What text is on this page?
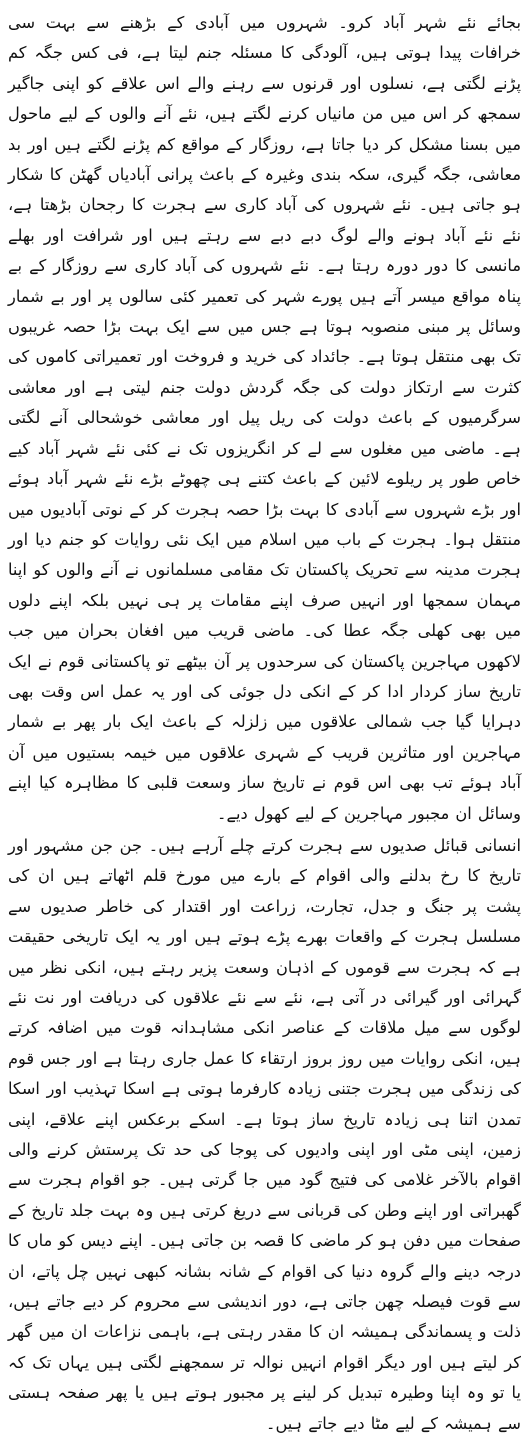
بجائے نئے شہر آباد کرو۔ شہروں میں آبادی کے بڑھنے سے بہت سی خرافات پیدا ہوتی ہیں، آلودگی کا مسئلہ جنم لیتا ہے، فی کس جگہ کم پڑنے لگتی ہے، نسلوں اور قرنوں سے رہنے والے اس علاقے کو اپنی جاگیر سمجھ کر اس میں من مانیاں کرنے لگتے ہیں، نئے آنے والوں کے لیے ماحول میں بسنا مشکل کر دیا جاتا ہے، روزگار کے مواقع کم پڑنے لگتے ہیں اور بد معاشی، جگہ گیری، سکہ بندی وغیرہ کے باعث پرانی آبادیاں گھٹن کا شکار ہو جاتی ہیں۔ نئے شہروں کی آباد کاری سے ہجرت کا رجحان بڑھتا ہے، نئے نئے آباد ہونے والے لوگ دبے دبے سے رہتے ہیں اور شرافت اور بھلے مانسی کا دور دورہ رہتا ہے۔ نئے شہروں کی آباد کاری سے روزگار کے بے پناہ مواقع میسر آتے ہیں پورے شہر کی تعمیر کئی سالوں پر اور بے شمار وسائل پر مبنی منصوبہ ہوتا ہے جس میں سے ایک بہت بڑا حصہ غریبوں تک بھی منتقل ہوتا ہے۔ جائداد کی خرید و فروخت اور تعمیراتی کاموں کی کثرت سے ارتکاز دولت کی جگہ گردش دولت جنم لیتی ہے اور معاشی سرگرمیوں کے باعث دولت کی ریل پیل اور معاشی خوشحالی آنے لگتی ہے۔ ماضی میں مغلوں سے لے کر انگریزوں تک نے کئی نئے شہر آباد کیے خاص طور پر ریلوے لائین کے باعث کتنے ہی چھوٹے بڑے نئے شہر آباد ہوئے اور بڑے شہروں سے آبادی کا بہت بڑا حصہ ہجرت کر کے نوتی آبادیوں میں منتقل ہوا۔ ہجرت کے باب میں اسلام میں ایک نئی روایات کو جنم دیا اور ہجرت مدینہ سے تحریک پاکستان تک مقامی مسلمانوں نے آنے والوں کو اپنا مہمان سمجھا اور انہیں صرف اپنے مقامات پر ہی نہیں بلکہ اپنے دلوں میں بھی کھلی جگہ عطا کی۔ ماضی قریب میں افغان بحران میں جب لاکھوں مہاجرین پاکستان کی سرحدوں پر آن بیٹھے تو پاکستانی قوم نے ایک تاریخ ساز کردار ادا کر کے انکی دل جوئی کی اور یہ عمل اس وقت بھی دہرایا گیا جب شمالی علاقوں میں زلزلہ کے باعث ایک بار پھر بے شمار مہاجرین اور متاثرین قریب کے شہری علاقوں میں خیمہ بستیوں میں آن آباد ہوئے تب بھی اس قوم نے تاریخ ساز وسعت قلبی کا مظاہرہ کیا اپنے وسائل ان مجبور مہاجرین کے لیے کھول دیے۔

انسانی قبائل صدیوں سے ہجرت کرتے چلے آرہے ہیں۔ جن جن مشہور اور تاریخ کا رخ بدلنے والی اقوام کے بارے میں مورخ قلم اٹھاتے ہیں ان کی پشت پر جنگ و جدل، تجارت، زراعت اور اقتدار کی خاطر صدیوں سے مسلسل ہجرت کے واقعات بھرے پڑے ہوتے ہیں اور یہ ایک تاریخی حقیقت ہے کہ ہجرت سے قوموں کے اذہان وسعت پزیر رہتے ہیں، انکی نظر میں گہرائی اور گیرائی در آتی ہے، نئے سے نئے علاقوں کی دریافت اور نت نئے لوگوں سے میل ملاقات کے عناصر انکی مشاہدانہ قوت میں اضافہ کرتے ہیں، انکی روایات میں روز بروز ارتقاء کا عمل جاری رہتا ہے اور جس قوم کی زندگی میں ہجرت جتنی زیادہ کارفرما ہوتی ہے اسکا تہذیب اور اسکا تمدن اتنا ہی زیادہ تاریخ ساز ہوتا ہے۔ اسکے برعکس اپنے علاقے، اپنی زمین، اپنی مٹی اور اپنی وادیوں کی پوجا کی حد تک پرستش کرنے والی اقوام بالآخر غلامی کی فتیج گود میں جا گرتی ہیں۔ جو اقوام ہجرت سے گھبراتی اور اپنے وطن کی قربانی سے دریغ کرتی ہیں وہ بہت جلد تاریخ کے صفحات میں دفن ہو کر ماضی کا قصہ بن جاتی ہیں۔ اپنے دیس کو ماں کا درجہ دینے والے گروہ دنیا کی اقوام کے شانہ بشانہ کبھی نہیں چل پاتے، ان سے قوت فیصلہ چھن جاتی ہے، دور اندیشی سے محروم کر دیے جاتے ہیں، ذلت و پسماندگی ہمیشہ ان کا مقدر رہتی ہے، باہمی نزاعات ان میں گھر کر لیتے ہیں اور دیگر اقوام انہیں نوالہ تر سمجھنے لگتی ہیں یہاں تک کہ یا تو وہ اپنا وطیرہ تبدیل کر لینے پر مجبور ہوتے ہیں یا پھر صفحہ ہستی سے ہمیشہ کے لیے مٹا دیے جاتے ہیں۔
